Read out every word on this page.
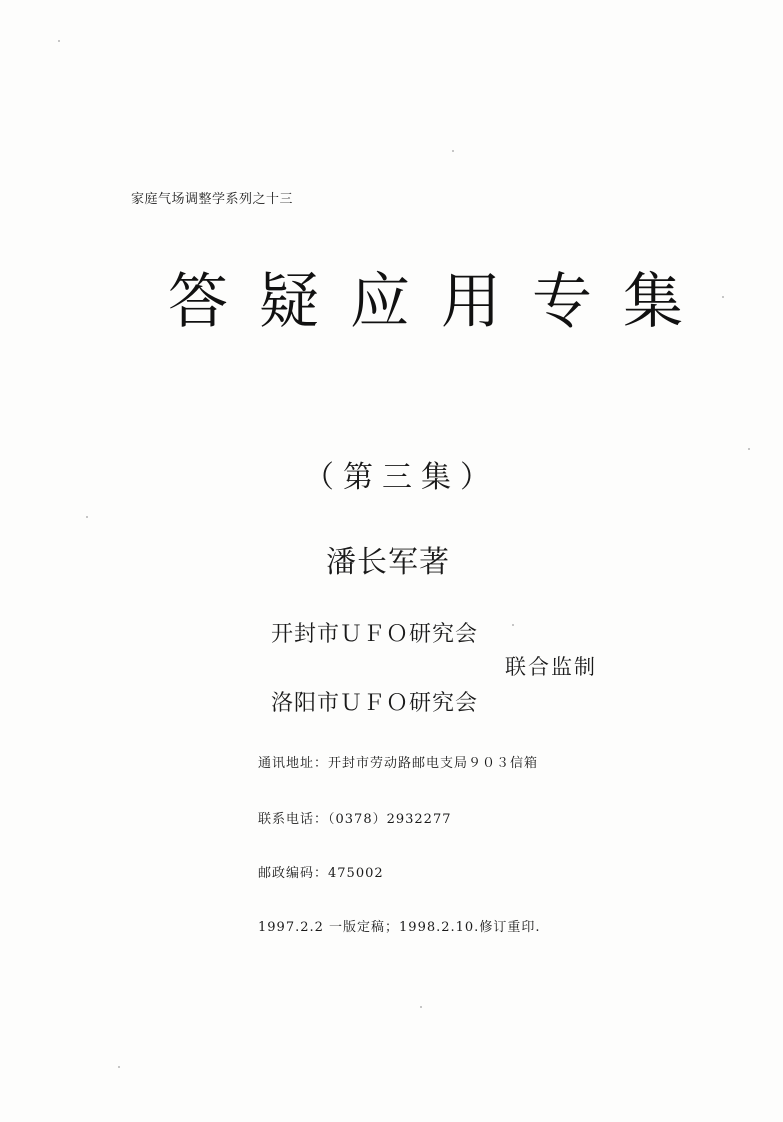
家庭气场调整学系列之十三
答疑应用专集
（第三集）
潘长军著
开封市ＵＦＯ研究会
联合监制
洛阳市ＵＦＯ研究会
通讯地址：开封市劳动路邮电支局９０３信箱
联系电话：（0378）2932277
邮政编码：475002
1997.2.2 一版定稿；1998.2.10.修订重印.
